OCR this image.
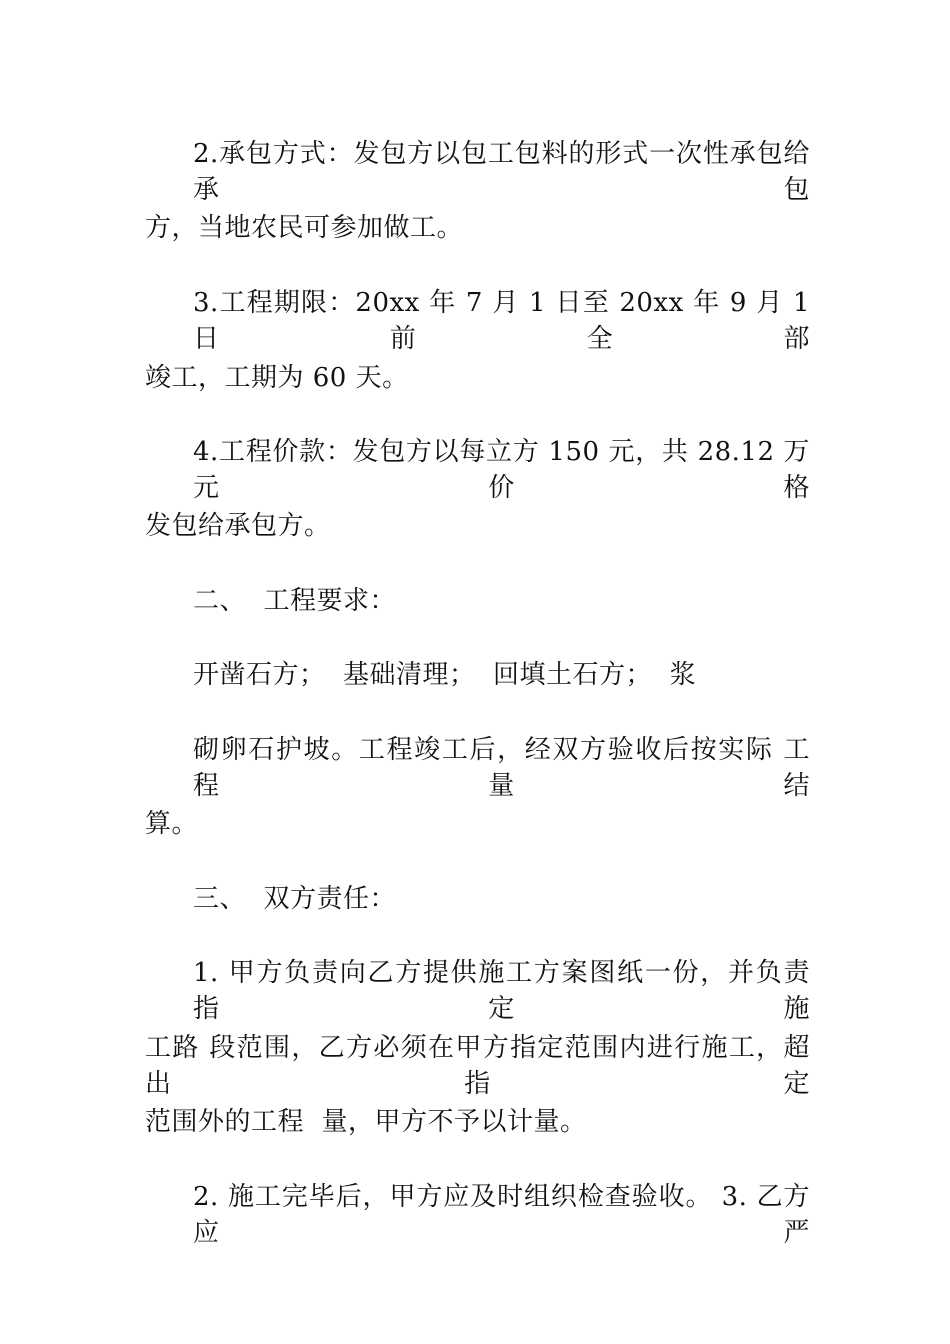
2.承包方式：发包方以包工包料的形式一次性承包给承包
方，当地农民可参加做工。
3.工程期限：20xx 年 7 月 1 日至 20xx 年 9 月 1 日前全部
竣工，工期为 60 天。
4.工程价款：发包方以每立方 150 元，共 28.12 万元价格
发包给承包方。
二、  工程要求：
开凿石方；  基础清理；  回填土石方；  浆
砌卵石护坡。工程竣工后，经双方验收后按实际 工程量结
算。
三、  双方责任：
1. 甲方负责向乙方提供施工方案图纸一份，并负责指定施
工路 段范围，乙方必须在甲方指定范围内进行施工，超出指定
范围外的工程  量，甲方不予以计量。
2. 施工完毕后，甲方应及时组织检查验收。 3. 乙方应严
